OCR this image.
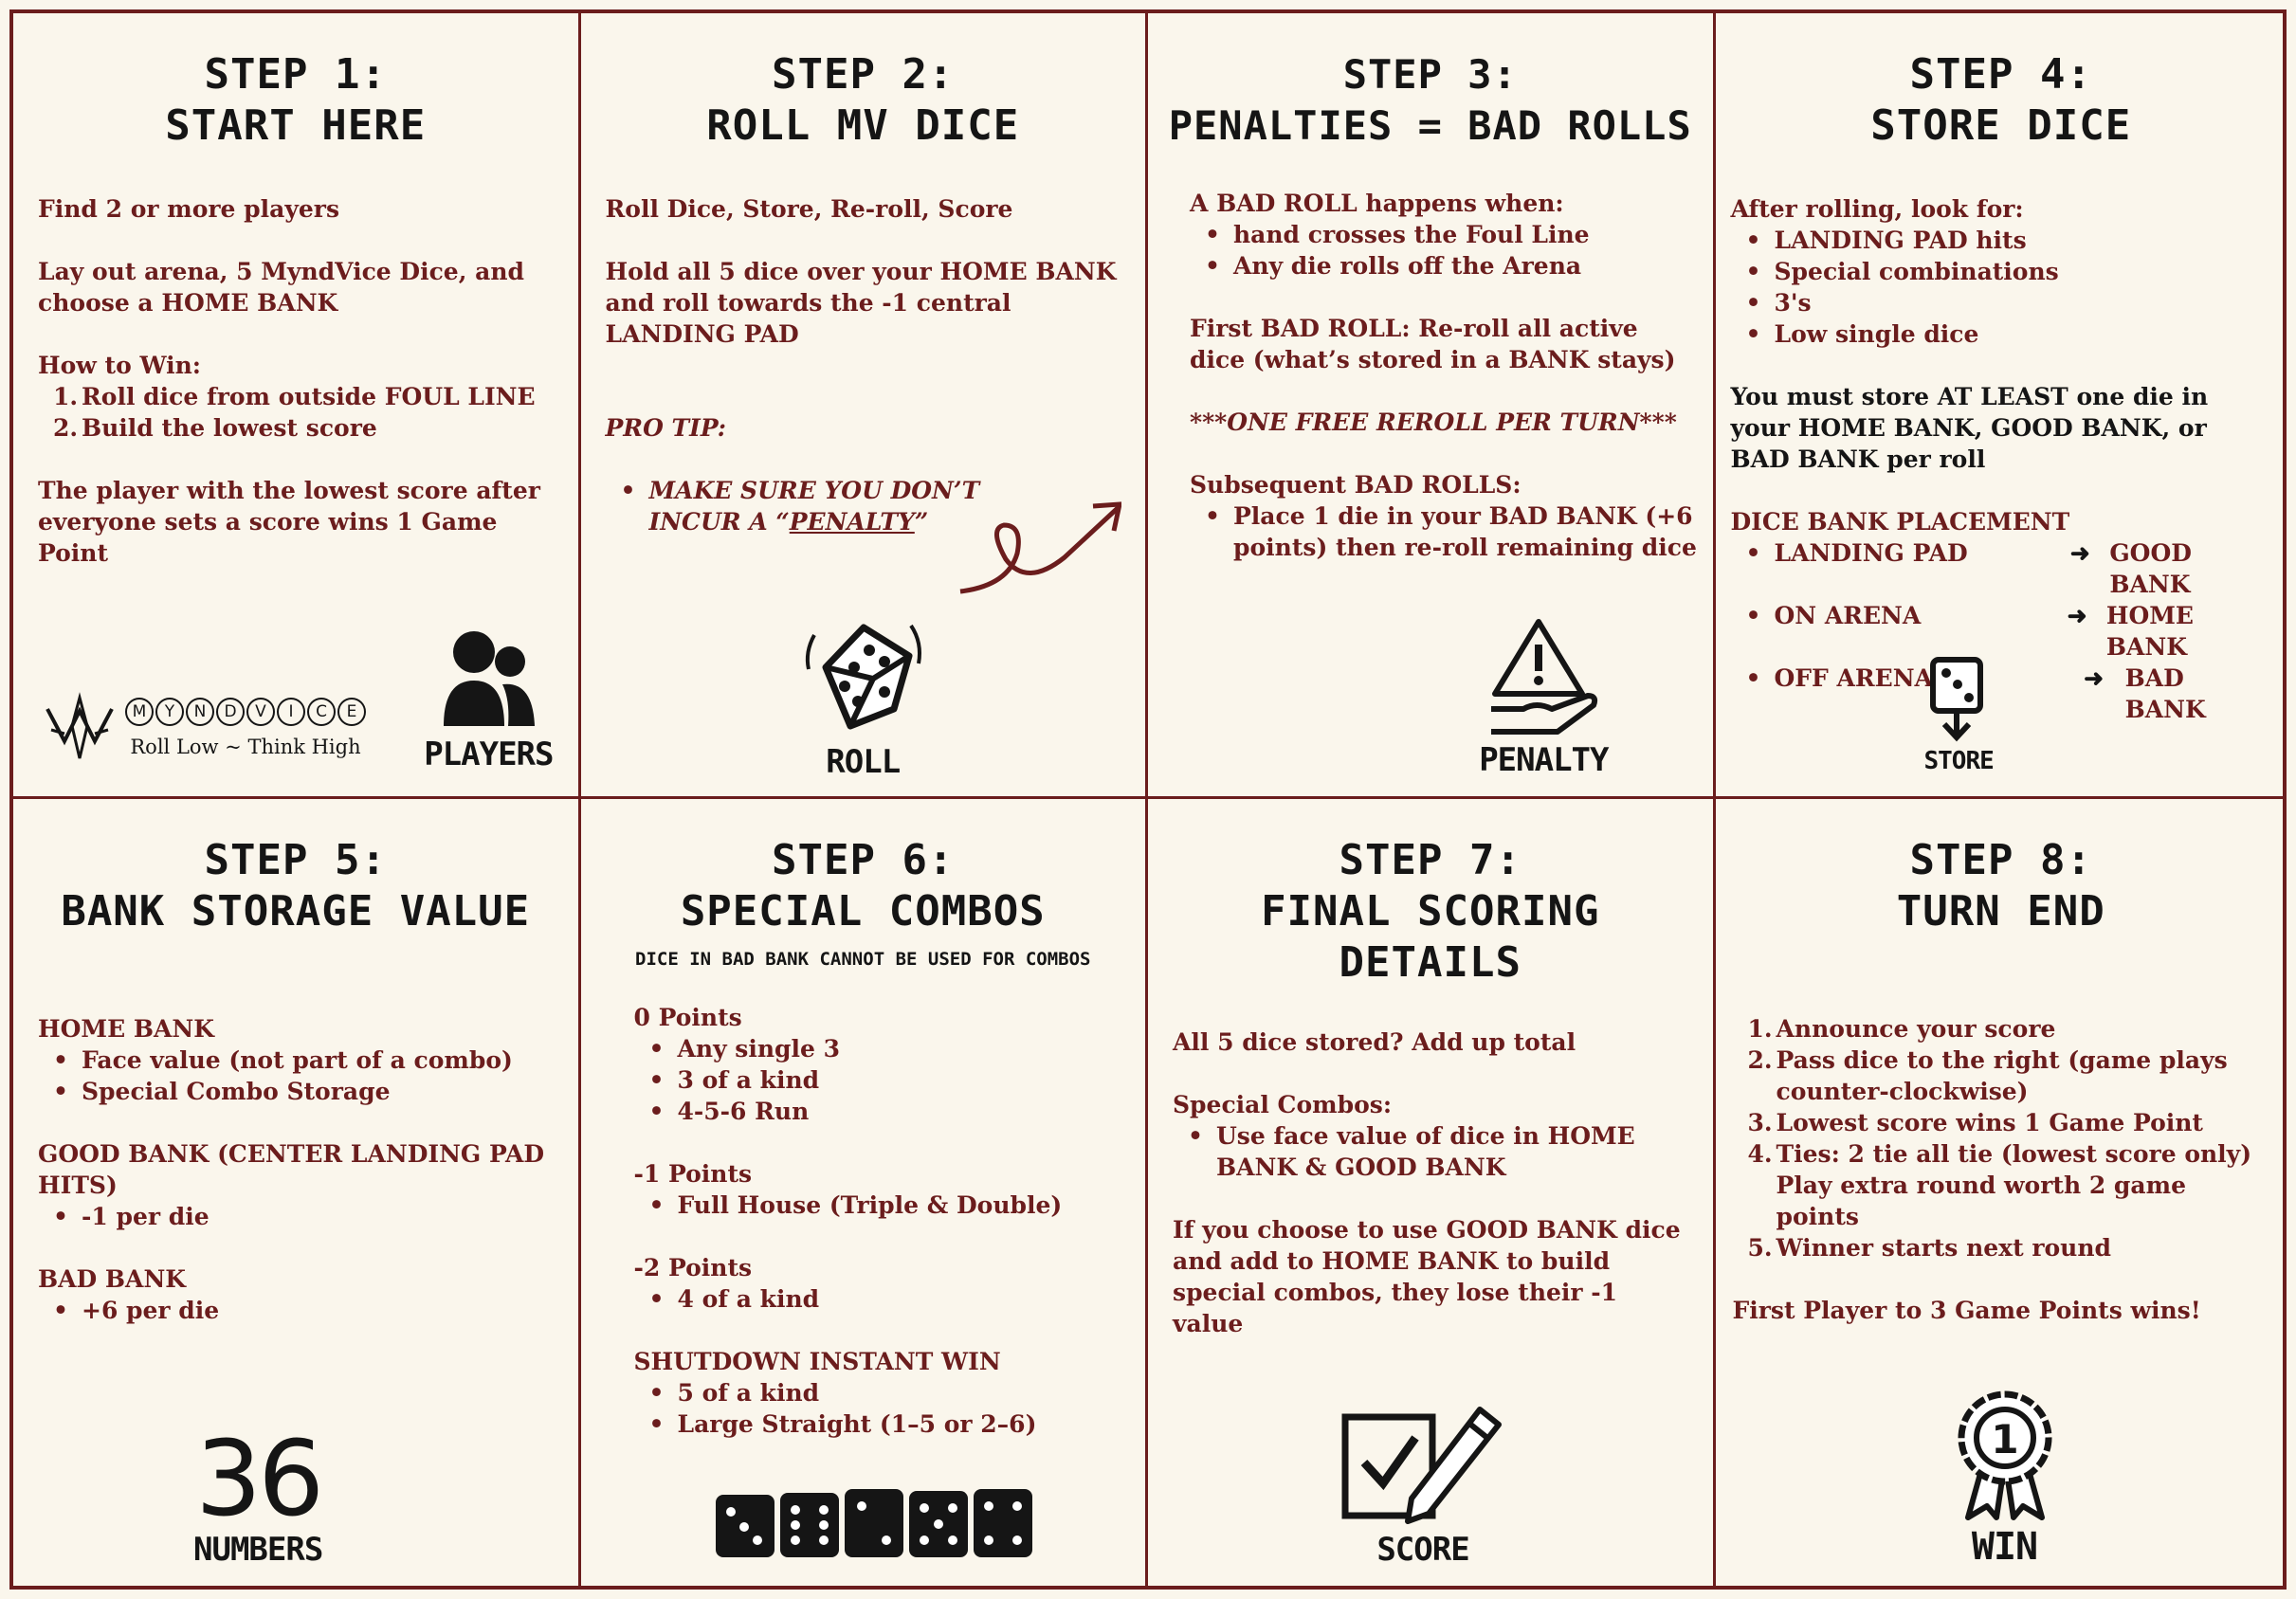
STEP 1:
START HERE

Find 2 or more players

Lay out arena, 5 MyndVice Dice, and choose a HOME BANK

How to Win:

1. Roll dice from outside FOUL LINE
2. Build the lowest score

The player with the lowest score after everyone sets a score wins 1 Game Point

M	Y	N	D	V	I	C	E
Roll Low ~ Think High PLAYERS
STEP 2:
ROLL MV DICE

Roll Dice, Store, Re-roll, Score

Hold all 5 dice over your HOME BANK and roll towards the -1 central LANDING PAD

PRO TIP:

• MAKE SURE YOU DON’T INCUR A “PENALTY”
ROLL
STEP 3:
PENALTIES = BAD ROLLS

A BAD ROLL happens when:

• hand crosses the Foul Line
• Any die rolls off the Arena

First BAD ROLL: Re-roll all active dice (what’s stored in a BANK stays)

***ONE FREE REROLL PER TURN***

Subsequent BAD ROLLS:

• Place 1 die in your BAD BANK (+6 points) then re-roll remaining dice
PENALTY
STEP 4:
STORE DICE

After rolling, look for:

• LANDING PAD hits
• Special combinations
• 3's
• Low single dice

You must store AT LEAST one die in your HOME BANK, GOOD BANK, or BAD BANK per roll

DICE BANK PLACEMENT

• LANDING PAD	➜ GOOD BANK
• ON ARENA	➜ HOME BANK
• OFF ARENA	➜ BAD BANK
STORE
STEP 5:
BANK STORAGE VALUE

HOME BANK

• Face value (not part of a combo)
• Special Combo Storage

GOOD BANK (CENTER LANDING PAD HITS)

• -1 per die

BAD BANK

• +6 per die
36
NUMBERS
STEP 6:
SPECIAL COMBOS
DICE IN BAD BANK CANNOT BE USED FOR COMBOS

0 Points

• Any single 3
• 3 of a kind
• 4-5-6 Run

-1 Points

• Full House (Triple & Double)

-2 Points

• 4 of a kind

SHUTDOWN INSTANT WIN

• 5 of a kind
• Large Straight (1–5 or 2–6)
STEP 7:
FINAL SCORING
DETAILS

All 5 dice stored? Add up total

Special Combos:

• Use face value of dice in HOME BANK & GOOD BANK

If you choose to use GOOD BANK dice and add to HOME BANK to build special combos, they lose their -1 value

SCORE
STEP 8:
TURN END
1. Announce your score
2. Pass dice to the right (game plays counter-clockwise)
3. Lowest score wins 1 Game Point
4. Ties: 2 tie all tie (lowest score only) Play extra round worth 2 game points
5. Winner starts next round

First Player to 3 Game Points wins!

1
WIN
